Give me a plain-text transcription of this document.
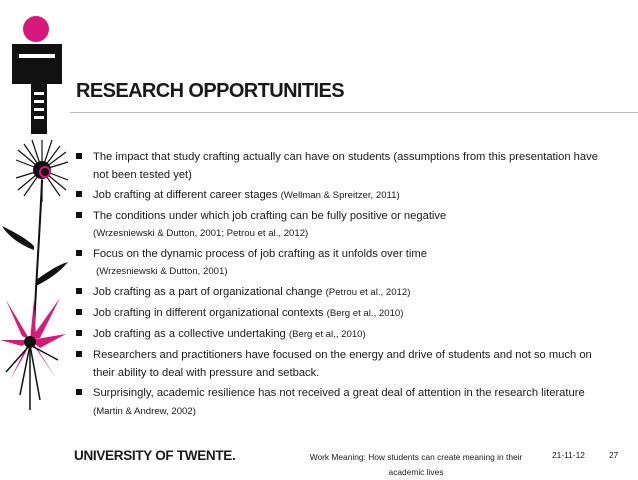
RESEARCH OPPORTUNITIES
The impact that study crafting actually can have on students (assumptions from this presentation have not been tested yet)
Job crafting at different career stages (Wellman & Spreitzer, 2011)
The conditions under which job crafting can be fully positive or negative
(Wrzesniewski & Dutton, 2001; Petrou et al., 2012)
Focus on the dynamic process of job crafting as it unfolds over time
(Wrzesniewski & Dutton, 2001)
Job crafting as a part of organizational change (Petrou et al., 2012)
Job crafting in different organizational contexts (Berg et al., 2010)
Job crafting as a collective undertaking (Berg et al., 2010)
Researchers and practitioners have focused on the energy and drive of students and not so much on their ability to deal with pressure and setback.
Surprisingly, academic resilience has not received a great deal of attention in the research literature (Martin & Andrew, 2002)
UNIVERSITY OF TWENTE.	Work Meaning: How students can create meaning in their academic lives
21-11-12	27
